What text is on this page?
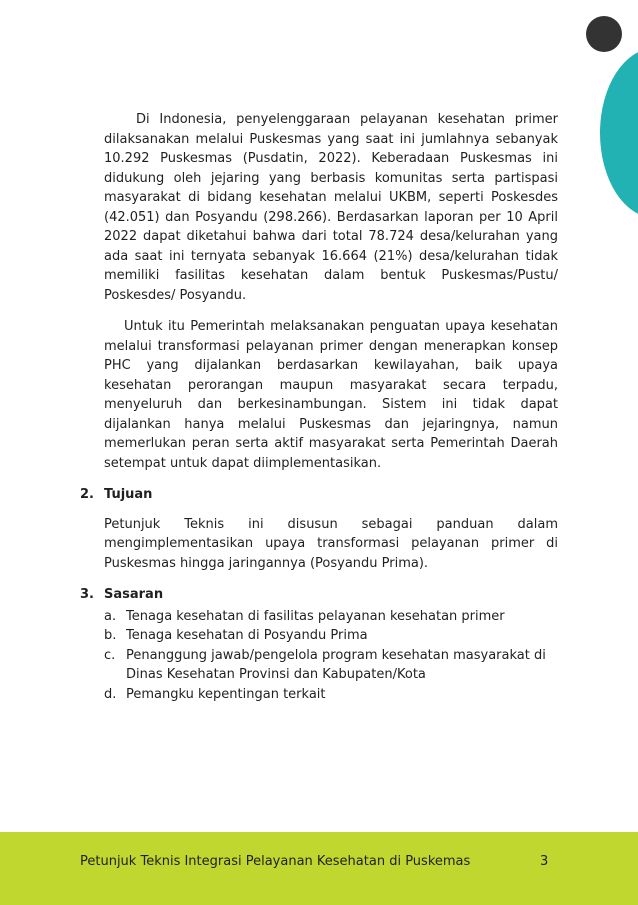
Di Indonesia, penyelenggaraan pelayanan kesehatan primer dilaksanakan melalui Puskesmas yang saat ini jumlahnya sebanyak 10.292 Puskesmas (Pusdatin, 2022). Keberadaan Puskesmas ini didukung oleh jejaring yang berbasis komunitas serta partispasi masyarakat di bidang kesehatan melalui UKBM, seperti Poskesdes (42.051) dan Posyandu (298.266). Berdasarkan laporan per 10 April 2022 dapat diketahui bahwa dari total 78.724 desa/kelurahan yang ada saat ini ternyata sebanyak 16.664 (21%) desa/kelurahan tidak memiliki fasilitas kesehatan dalam bentuk Puskesmas/Pustu/ Poskesdes/ Posyandu.

Untuk itu Pemerintah melaksanakan penguatan upaya kesehatan melalui transformasi pelayanan primer dengan menerapkan konsep PHC yang dijalankan berdasarkan kewilayahan, baik upaya kesehatan perorangan maupun masyarakat secara terpadu, menyeluruh dan berkesinambungan. Sistem ini tidak dapat dijalankan hanya melalui Puskesmas dan jejaringnya, namun memerlukan peran serta aktif masyarakat serta Pemerintah Daerah setempat untuk dapat diimplementasikan.

2. Tujuan

Petunjuk Teknis ini disusun sebagai panduan dalam mengimplementasikan upaya transformasi pelayanan primer di Puskesmas hingga jaringannya (Posyandu Prima).

3. Sasaran
a. Tenaga kesehatan di fasilitas pelayanan kesehatan primer
b. Tenaga kesehatan di Posyandu Prima
c. Penanggung jawab/pengelola program kesehatan masyarakat di Dinas Kesehatan Provinsi dan Kabupaten/Kota
d. Pemangku kepentingan terkait
Petunjuk Teknis Integrasi Pelayanan Kesehatan di Puskemas	3
